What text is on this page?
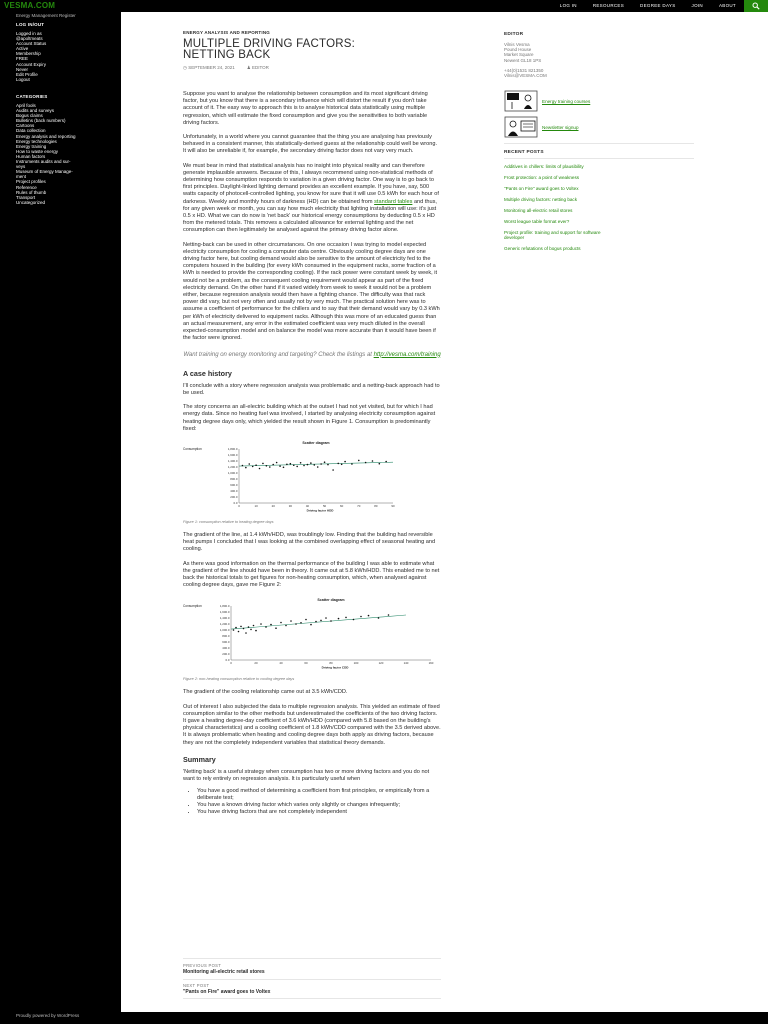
VESMA.COM	LOG IN	RESOURCES	DEGREE DAYS	JOIN	ABOUT
Energy Management Register
LOG IN/OUT
Logged in as
@apoltmeats
Account Status
Active
Membership
FREE
Account Expiry
Never
Edit Profile
Logout
CATEGORIES
April fools
Audits and surveys
Bogus claims
Bulletins (back numbers)
Cartoons
Data collection
Energy analysis and reporting
Energy technologies
Energy training
How to waste energy
Human factors
Instruments audits and sur-
veys
Museum of Energy Manage-
ment
Project profiles
Reference
Rules of thumb
Transport
Uncategorized
Proudly powered by WordPress
ENERGY ANALYSIS AND REPORTING
MULTIPLE DRIVING FACTORS:
NETTING BACK
◷ SEPTEMBER 24, 2021	♟ EDITOR

Suppose you want to analyse the relationship between consumption and its most significant driving factor, but you know that there is a secondary influence which will distort the result if you don't take account of it. The easy way to approach this is to analyse historical data statistically using multiple regression, which will estimate the fixed consumption and give you the sensitivities to both variable driving factors.

Unfortunately, in a world where you cannot guarantee that the thing you are analysing has previously behaved in a consistent manner, this statistically-derived guess at the relationship could well be wrong. It will also be unreliable if, for example, the secondary driving factor does not vary very much.

We must bear in mind that statistical analysis has no insight into physical reality and can therefore generate implausible answers. Because of this, I always recommend using non-statistical methods of determining how consumption responds to variation in a given driving factor. One way is to go back to first principles. Daylight-linked lighting demand provides an excellent example. If you have, say, 500 watts capacity of photocell-controlled lighting, you know for sure that it will use 0.5 kWh for each hour of darkness. Weekly and monthly hours of darkness (HD) can be obtained from standard tables and thus, for any given week or month, you can say how much electricity that lighting installation will use: it's just 0.5 x HD. What we can do now is 'net back' our historical energy consumptions by deducting 0.5 x HD from the metered totals. This removes a calculated allowance for external lighting and the net consumption can then legitimately be analysed against the primary driving factor alone.

Netting-back can be used in other circumstances. On one occasion I was trying to model expected electricity consumption for cooling a computer data centre. Obviously cooling degree days are one driving factor here, but cooling demand would also be sensitive to the amount of electricity fed to the computers housed in the building (for every kWh consumed in the equipment racks, some fraction of a kWh is needed to provide the corresponding cooling). If the rack power were constant week by week, it would not be a problem, as the consequent cooling requirement would appear as part of the fixed electricity demand. On the other hand if it varied widely from week to week it would not be a problem either, because regression analysis would then have a fighting chance. The difficulty was that rack power did vary, but not very often and usually not by very much. The practical solution here was to assume a coefficient of performance for the chillers and to say that their demand would vary by 0.3 kWh per kWh of electricity delivered to equipment racks. Although this was more of an educated guess than an actual measurement, any error in the estimated coefficient was very much diluted in the overall expected-consumption model and on balance the model was more accurate than it would have been if the factor were ignored.

Want training on energy monitoring and targeting? Check the listings at http://vesma.com/training

A case history

I'll conclude with a story where regression analysis was problematic and a netting-back approach had to be used.

The story concerns an all-electric building which at the outset I had not yet visited, but for which I had energy data. Since no heating fuel was involved, I started by analysing electricity consumption against heating degree days only, which yielded the result shown in Figure 1. Consumption is predominantly fixed:

Scatter diagram
Consumption	1,800.0
1,600.0
1,400.0
1,200.0
1,000.0
800.0
600.0
400.0
200.0
0.0
0	10	20	30	40	50	60	70	80	90
Driving factor HDD
Figure 1: consumption relative to heating degree days

The gradient of the line, at 1.4 kWh/HDD, was troublingly low. Finding that the building had reversible heat pumps I concluded that I was looking at the combined overlapping effect of seasonal heating and cooling.

As there was good information on the thermal performance of the building I was able to estimate what the gradient of the line should have been in theory. It came out at 5.8 kWh/HDD. This enabled me to net back the historical totals to get figures for non-heating consumption, which, when analysed against cooling degree days, gave me Figure 2:

Scatter diagram
Consumption	1,800.0
1,600.0
1,400.0
1,200.0
1,000.0
800.0
600.0
400.0
200.0
0.0
0	20	40	60	80	100	120	140	160
Driving factor CDD
Figure 2: non-heating consumption relative to cooling degree days

The gradient of the cooling relationship came out at 3.5 kWh/CDD.

Out of interest I also subjected the data to multiple regression analysis. This yielded an estimate of fixed consumption similar to the other methods but underestimated the coefficients of the two driving factors. It gave a heating degree-day coefficient of 3.6 kWh/HDD (compared with 5.8 based on the building's physical characteristics) and a cooling coefficient of 1.8 kWh/CDD compared with the 3.5 derived above. It is always problematic when heating and cooling degree days both apply as driving factors, because they are not the completely independent variables that statistical theory demands.

Summary

'Netting back' is a useful strategy when consumption has two or more driving factors and you do not want to rely entirely on regression analysis. It is particularly useful when

• You have a good method of determining a coefficient from first principles, or empirically from a deliberate test;
• You have a known driving factor which varies only slightly or changes infrequently;
• You have driving factors that are not completely independent
PREVIOUS POST
Monitoring all-electric retail stores
NEXT POST
"Pants on Fire" award goes to Voltex
EDITOR
Vilnis Vesma
Pound House
Market Square
Newent GL18 1PS
+44(0)1531 821350
Vilnis@VESMA.COM
Energy training courses
Newsletter signup
RECENT POSTS
Additives in chillers: limits of plausibility
Frost protection: a point of weakness
"Pants on Fire" award goes to Voltex
Multiple driving factors: netting back
Monitoring all-electric retail stores
Worst league table format ever?
Project profile: training and support for software
developer
Generic refutations of bogus products
